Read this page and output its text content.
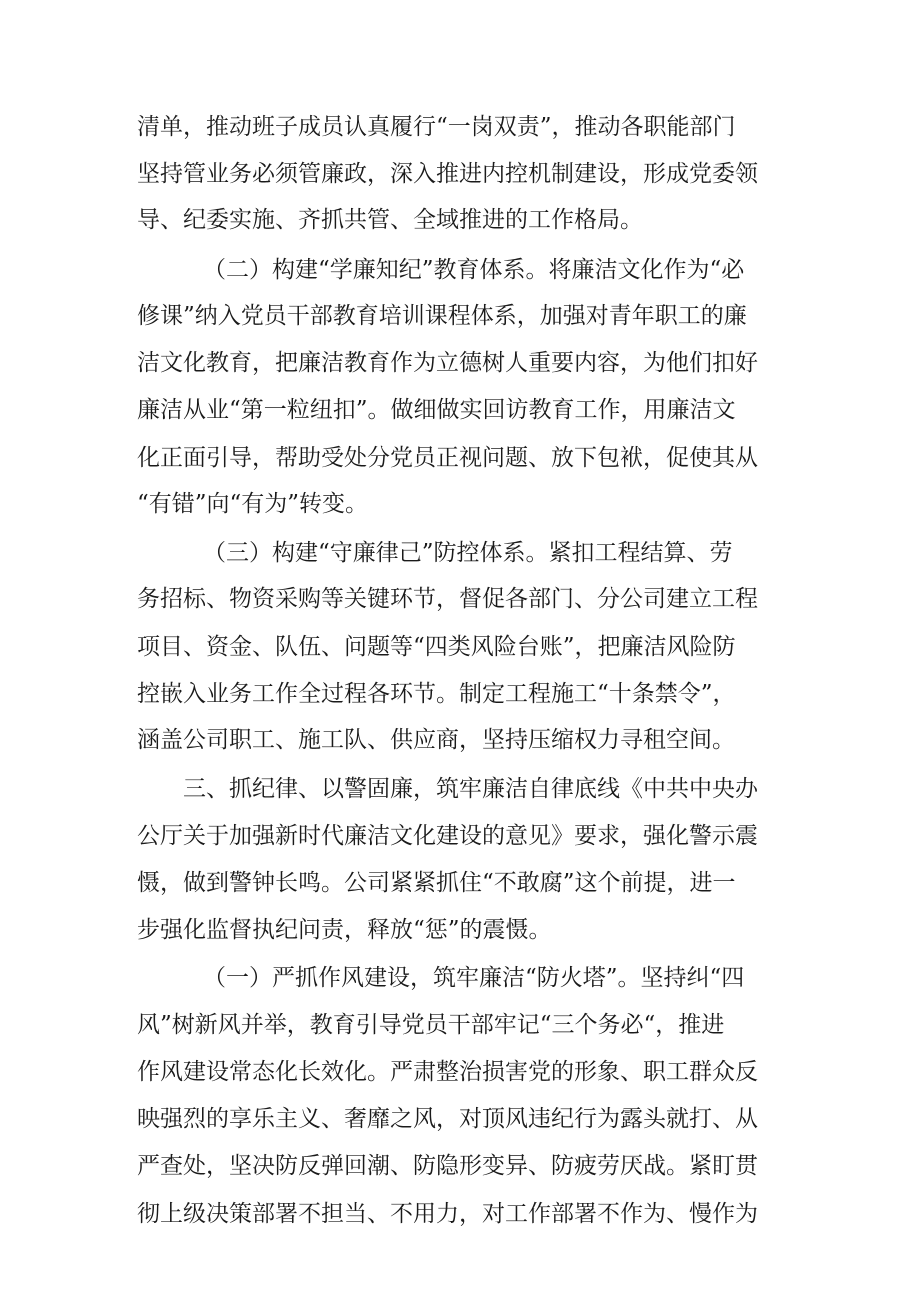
清单，推动班子成员认真履行“一岗双责”，推动各职能部门
坚持管业务必须管廉政，深入推进内控机制建设，形成党委领
导、纪委实施、齐抓共管、全域推进的工作格局。
（二）构建“学廉知纪”教育体系。将廉洁文化作为“必
修课”纳入党员干部教育培训课程体系，加强对青年职工的廉
洁文化教育，把廉洁教育作为立德树人重要内容，为他们扣好
廉洁从业“第一粒纽扣”。做细做实回访教育工作，用廉洁文
化正面引导，帮助受处分党员正视问题、放下包袱，促使其从
“有错”向“有为”转变。
（三）构建“守廉律己”防控体系。紧扣工程结算、劳
务招标、物资采购等关键环节，督促各部门、分公司建立工程
项目、资金、队伍、问题等“四类风险台账”，把廉洁风险防
控嵌入业务工作全过程各环节。制定工程施工“十条禁令”，
涵盖公司职工、施工队、供应商，坚持压缩权力寻租空间。
三、抓纪律、以警固廉，筑牢廉洁自律底线《中共中央办
公厅关于加强新时代廉洁文化建设的意见》要求，强化警示震
慑，做到警钟长鸣。公司紧紧抓住“不敢腐”这个前提，进一
步强化监督执纪问责，释放“惩”的震慑。
（一）严抓作风建设，筑牢廉洁“防火塔”。坚持纠“四
风”树新风并举，教育引导党员干部牢记“三个务必“，推进
作风建设常态化长效化。严肃整治损害党的形象、职工群众反
映强烈的享乐主义、奢靡之风，对顶风违纪行为露头就打、从
严查处，坚决防反弹回潮、防隐形变异、防疲劳厌战。紧盯贯
彻上级决策部署不担当、不用力，对工作部署不作为、慢作为
